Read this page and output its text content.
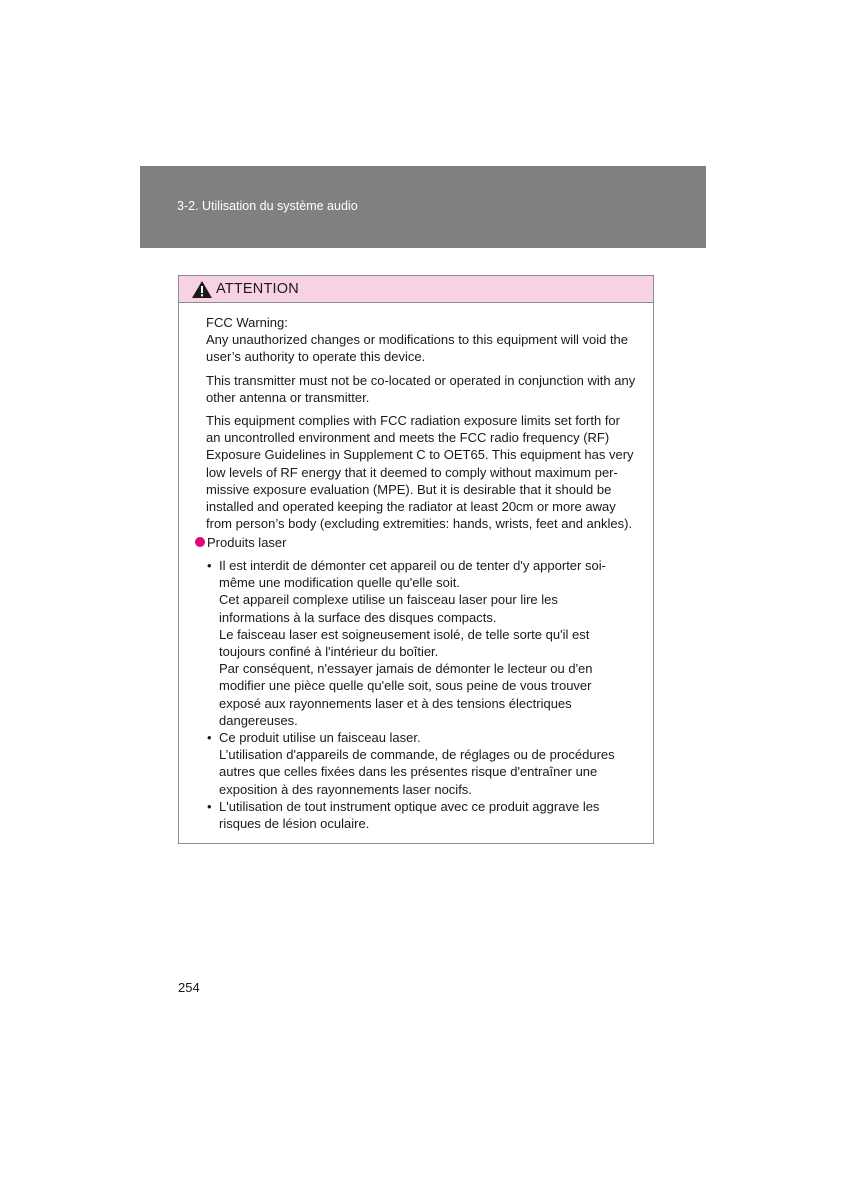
3-2. Utilisation du système audio
ATTENTION

FCC Warning:
Any unauthorized changes or modifications to this equipment will void the
user’s authority to operate this device.

This transmitter must not be co-located or operated in conjunction with any
other antenna or transmitter.

This equipment complies with FCC radiation exposure limits set forth for
an uncontrolled environment and meets the FCC radio frequency (RF)
Exposure Guidelines in Supplement C to OET65. This equipment has very
low levels of RF energy that it deemed to comply without maximum per-
missive exposure evaluation (MPE). But it is desirable that it should be
installed and operated keeping the radiator at least 20cm or more away
from person’s body (excluding extremities: hands, wrists, feet and ankles).

Produits laser
• Il est interdit de démonter cet appareil ou de tenter d'y apporter soi-
même une modification quelle qu'elle soit.
Cet appareil complexe utilise un faisceau laser pour lire les
informations à la surface des disques compacts.
Le faisceau laser est soigneusement isolé, de telle sorte qu'il est
toujours confiné à l'intérieur du boîtier.
Par conséquent, n'essayer jamais de démonter le lecteur ou d'en
modifier une pièce quelle qu'elle soit, sous peine de vous trouver
exposé aux rayonnements laser et à des tensions électriques
dangereuses.
• Ce produit utilise un faisceau laser.
L’utilisation d'appareils de commande, de réglages ou de procédures
autres que celles fixées dans les présentes risque d'entraîner une
exposition à des rayonnements laser nocifs.
• L'utilisation de tout instrument optique avec ce produit aggrave les
risques de lésion oculaire.
254
